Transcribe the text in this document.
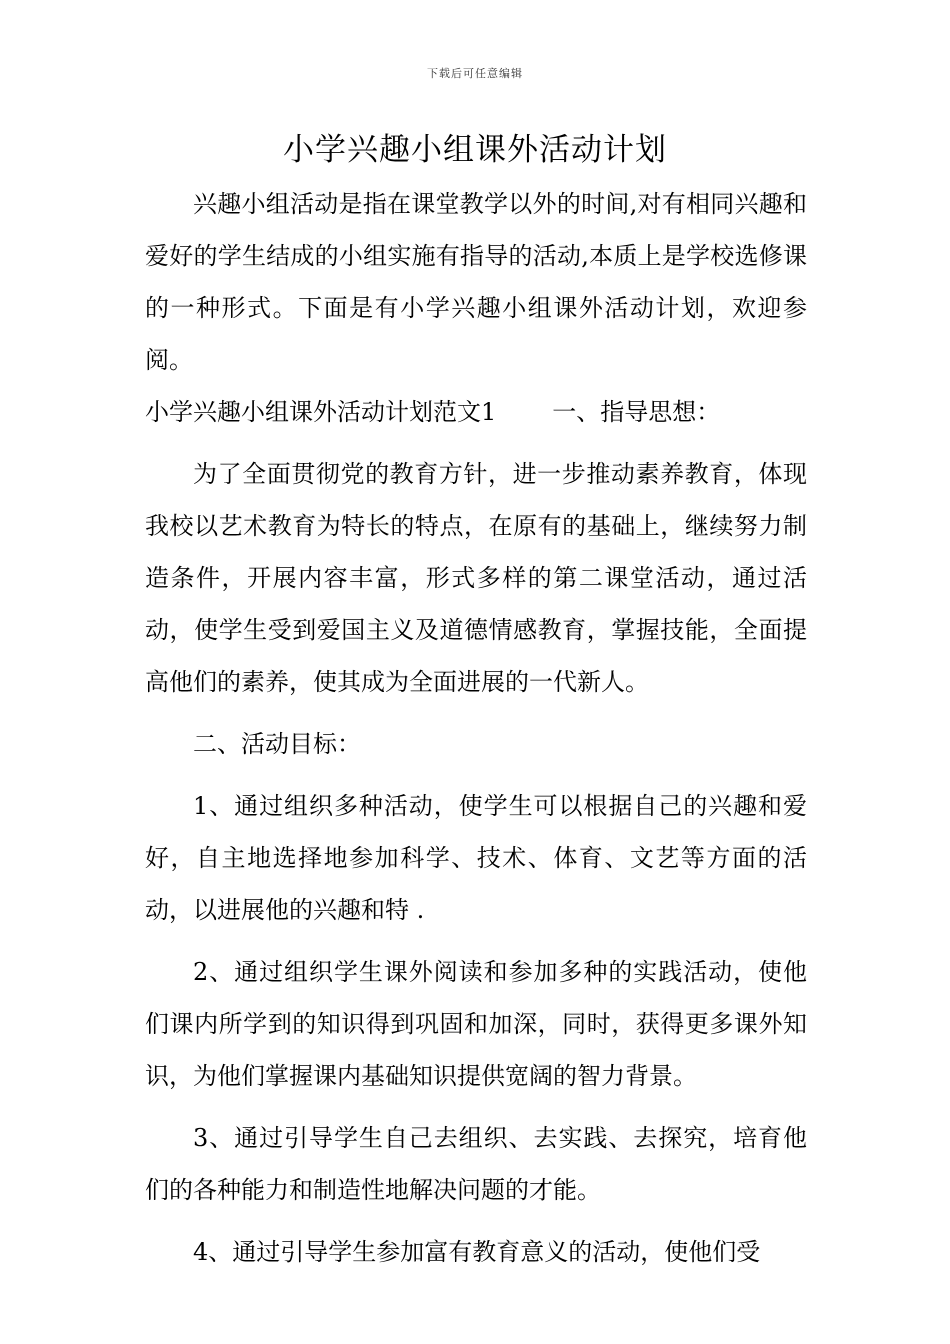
下载后可任意编辑
小学兴趣小组课外活动计划

兴趣小组活动是指在课堂教学以外的时间,对有相同兴趣和爱好的学生结成的小组实施有指导的活动,本质上是学校选修课的一种形式。下面是有小学兴趣小组课外活动计划，欢迎参阅。

小学兴趣小组课外活动计划范文1 一、指导思想：

为了全面贯彻党的教育方针，进一步推动素养教育，体现我校以艺术教育为特长的特点，在原有的基础上，继续努力制造条件，开展内容丰富，形式多样的第二课堂活动，通过活动，使学生受到爱国主义及道德情感教育，掌握技能，全面提高他们的素养，使其成为全面进展的一代新人。

二、活动目标：

1、通过组织多种活动，使学生可以根据自己的兴趣和爱好，自主地选择地参加科学、技术、体育、文艺等方面的活动，以进展他的兴趣和特 .

2、通过组织学生课外阅读和参加多种的实践活动，使他们课内所学到的知识得到巩固和加深，同时，获得更多课外知识，为他们掌握课内基础知识提供宽阔的智力背景。

3、通过引导学生自己去组织、去实践、去探究，培育他们的各种能力和制造性地解决问题的才能。

4、通过引导学生参加富有教育意义的活动，使他们受
